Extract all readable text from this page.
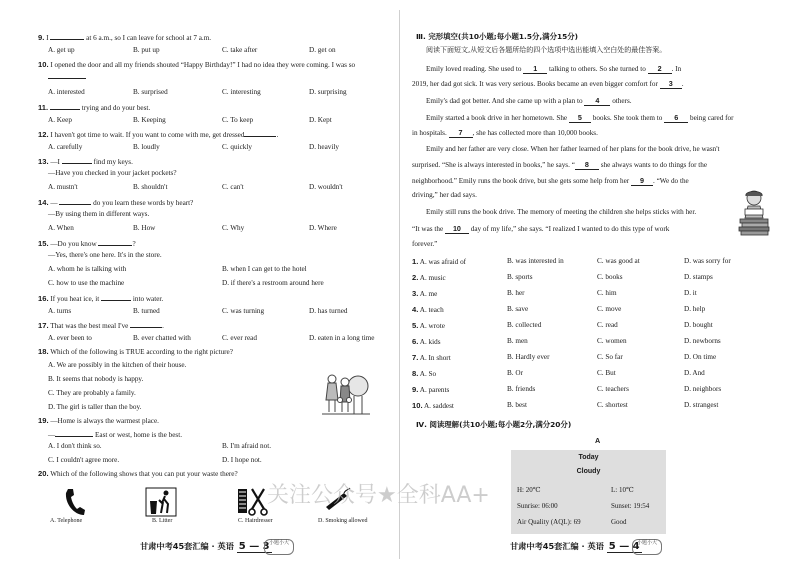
9. I	at 6 a.m., so I can leave for school at 7 a.m.
A. get up	B. put up	C. take after	D. get on
10. I opened the door and all my friends shouted “Happy Birthday!” I had no idea they were coming. I was so
A. interested	B. surprised	C. interesting	D. surprising
11.	trying and do your best.
A. Keep	B. Keeping	C. To keep	D. Kept
12. I haven't got time to wait. If you want to come with me, get dressed	.
A. carefully	B. loudly	C. quickly	D. heavily
13. —I	find my keys.
—Have you checked in your jacket pockets?
A. mustn't	B. shouldn't	C. can't	D. wouldn't
14. —	do you learn these words by heart?
—By using them in different ways.
A. When	B. How	C. Why	D. Where
15. —Do you know	?
—Yes, there's one here. It's in the store.
A. whom he is talking with	B. when I can get to the hotel
C. how to use the machine	D. if there's a restroom around here
16. If you heat ice, it	into water.
A. turns	B. turned	C. was turning	D. has turned
17. That was the best meal I've	.
A. ever been to	B. ever chatted with	C. ever read	D. eaten in a long time
18. Which of the following is TRUE according to the right picture?
A. We are possibly in the kitchen of their house.
B. It seems that nobody is happy.
C. They are probably a family.
D. The girl is taller than the boy.
19. —Home is always the warmest place.
—	East or west, home is the best.
A. I don't think so.	B. I'm afraid not.
C. I couldn't agree more.	D. I hope not.
20. Which of the following shows that you can put your waste there?
A. Telephone	B. Litter	C. Hairdresser	D. Smoking allowed
甘肃中考45套汇编 · 英语 5 — 3 小题小大
Ⅲ. 完形填空(共10小题;每小题1.5分,满分15分)
阅读下面短文,从短文后各题所给的四个选项中选出能填入空白处的最佳答案。
Emily loved reading. She used to 1 talking to others. So she turned to 2 . In
2019, her dad got sick. It was very serious. Books became an even bigger comfort for 3 .
Emily's dad got better. And she came up with a plan to 4 others.
Emily started a book drive in her hometown. She 5 books. She took them to 6 being cared for
in hospitals. 7 , she has collected more than 10,000 books.
Emily and her father are very close. When her father learned of her plans for the book drive, he wasn't
surprised. “She is always interested in books,” he says. “ 8 she always wants to do things for the
neighborhood.” Emily runs the book drive, but she gets some help from her 9 . “We do the
driving,” her dad says.
Emily still runs the book drive. The memory of meeting the children she helps sticks with her.
“It was the 10 day of my life,” she says. “I realized I wanted to do this type of work
forever.”
1. A. was afraid of	B. was interested in	C. was good at	D. was sorry for
2. A. music	B. sports	C. books	D. stamps
3. A. me	B. her	C. him	D. it
4. A. teach	B. save	C. move	D. help
5. A. wrote	B. collected	C. read	D. bought
6. A. kids	B. men	C. women	D. newborns
7. A. In short	B. Hardly ever	C. So far	D. On time
8. A. So	B. Or	C. But	D. And
9. A. parents	B. friends	C. teachers	D. neighbors
10. A. saddest	B. best	C. shortest	D. strangest
Ⅳ. 阅读理解(共10小题;每小题2分,满分20分)
A
甘肃中考45套汇编 · 英语 5 — 4
小题小大
Today
Cloudy
H: 20℃	L: 10℃
Sunrise: 06:00	Sunset: 19:54
Air Quality (AQL): 69	Good
关注公众号★全科AA+
